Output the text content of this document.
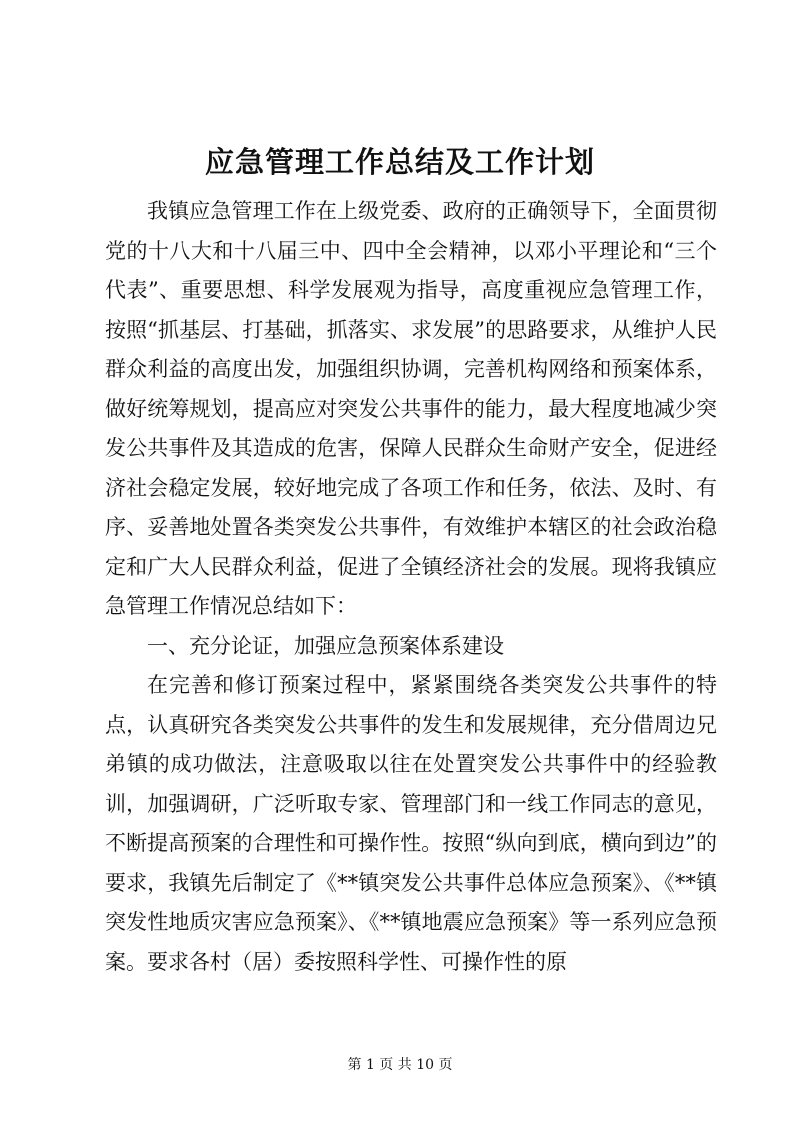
应急管理工作总结及工作计划

我镇应急管理工作在上级党委、政府的正确领导下，全面贯彻党的十八大和十八届三中、四中全会精神，以邓小平理论和“三个代表”、重要思想、科学发展观为指导，高度重视应急管理工作，按照“抓基层、打基础，抓落实、求发展”的思路要求，从维护人民群众利益的高度出发，加强组织协调，完善机构网络和预案体系，做好统筹规划，提高应对突发公共事件的能力，最大程度地减少突发公共事件及其造成的危害，保障人民群众生命财产安全，促进经济社会稳定发展，较好地完成了各项工作和任务，依法、及时、有序、妥善地处置各类突发公共事件，有效维护本辖区的社会政治稳定和广大人民群众利益，促进了全镇经济社会的发展。现将我镇应急管理工作情况总结如下：

一、充分论证，加强应急预案体系建设

在完善和修订预案过程中，紧紧围绕各类突发公共事件的特点，认真研究各类突发公共事件的发生和发展规律，充分借周边兄弟镇的成功做法，注意吸取以往在处置突发公共事件中的经验教训，加强调研，广泛听取专家、管理部门和一线工作同志的意见，不断提高预案的合理性和可操作性。按照“纵向到底，横向到边”的要求，我镇先后制定了《**镇突发公共事件总体应急预案》、《**镇突发性地质灾害应急预案》、《**镇地震应急预案》等一系列应急预案。要求各村（居）委按照科学性、可操作性的原

第 1 页 共 10 页
